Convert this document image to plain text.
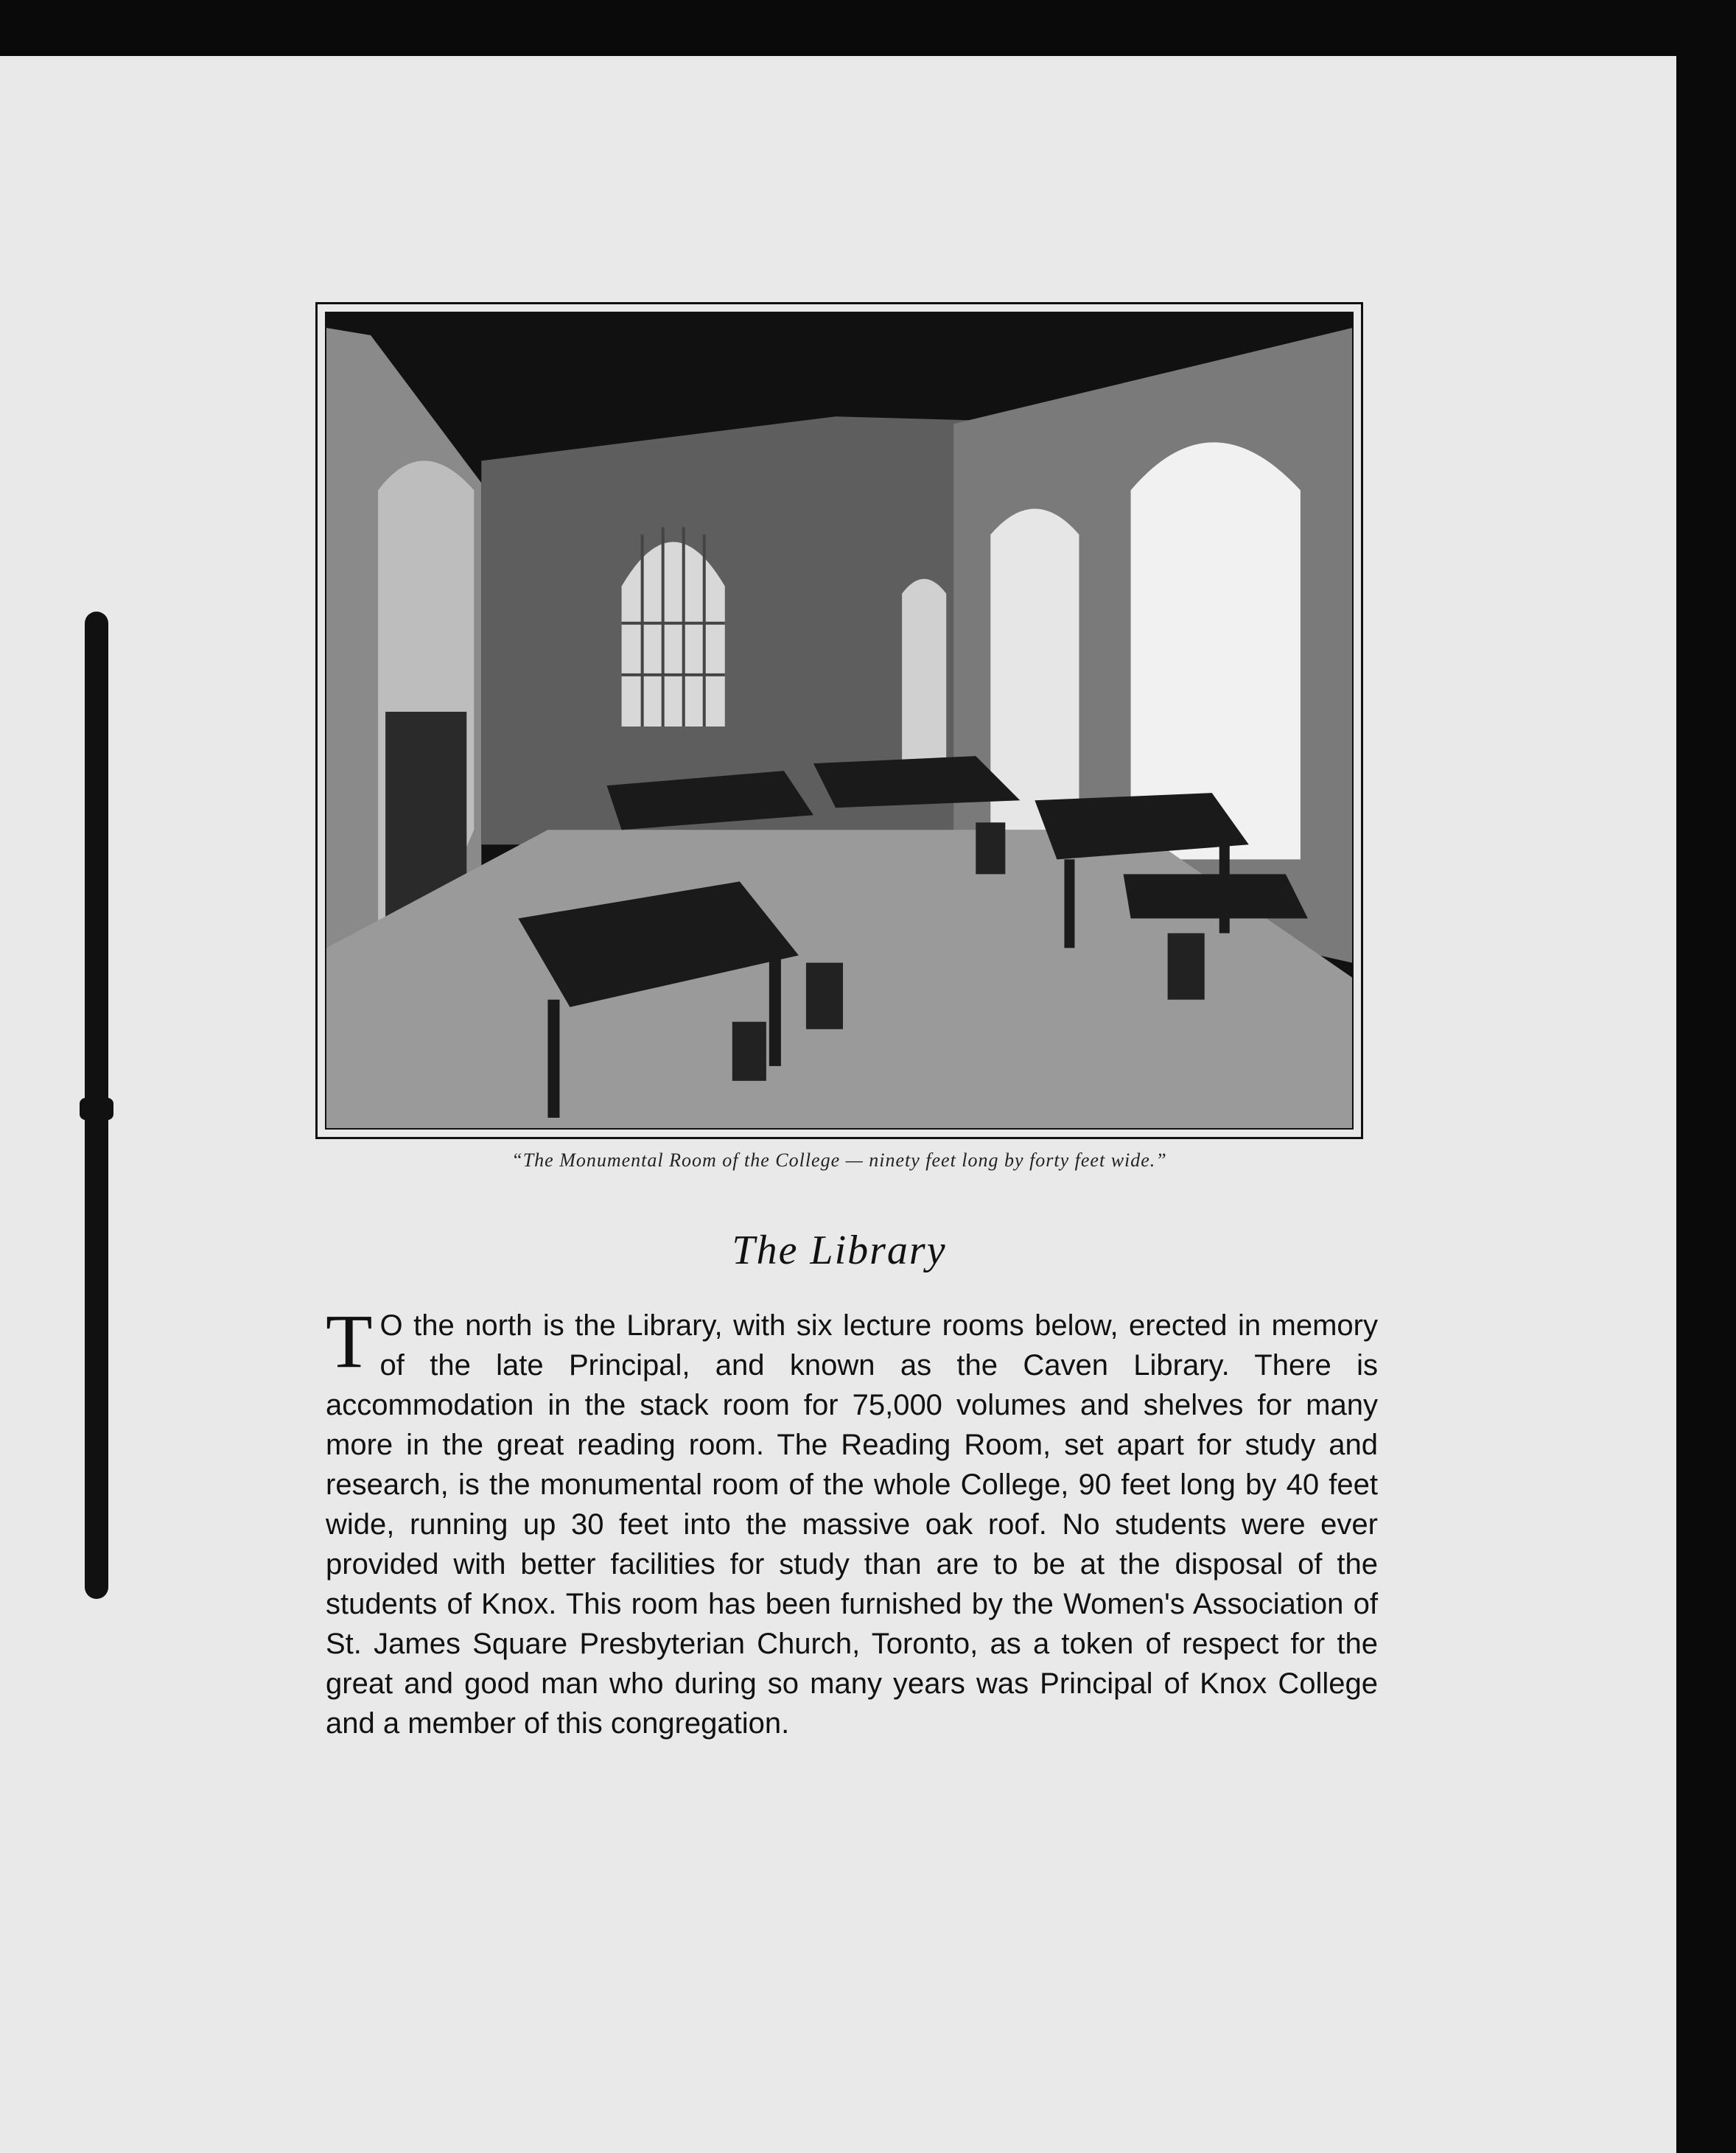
“The Monumental Room of the College — ninety feet long by forty feet wide.”
The Library
T O the north is the Library, with six lecture rooms below, erected in memory of the late Principal, and known as the Caven Library. There is accommodation in the stack room for 75,000 volumes and shelves for many more in the great reading room. The Reading Room, set apart for study and research, is the monumental room of the whole College, 90 feet long by 40 feet wide, running up 30 feet into the massive oak roof. No students were ever provided with better facilities for study than are to be at the disposal of the students of Knox. This room has been furnished by the Women's Association of St. James Square Presbyterian Church, Toronto, as a token of respect for the great and good man who during so many years was Principal of Knox College and a member of this congregation.
